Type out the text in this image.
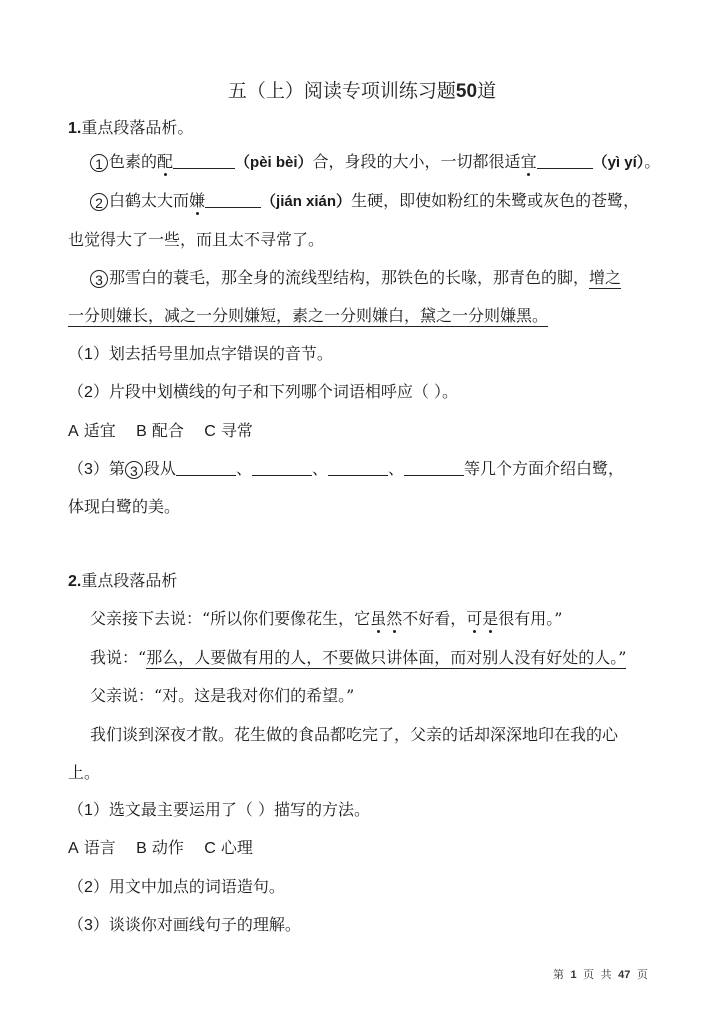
五（上）阅读专项训练习题50道
1.重点段落品析。
1 色素的配	（pèi bèi）合，身段的大小，一切都很适宜	（yì yí）。
2 白鹤太大而嫌	（jián xián）生硬，即使如粉红的朱鹭或灰色的苍鹭，
也觉得大了一些，而且太不寻常了。
3 那雪白的蓑毛，那全身的流线型结构，那铁色的长喙，那青色的脚，增之
一分则嫌长，减之一分则嫌短，素之一分则嫌白，黛之一分则嫌黑。
（1）划去括号里加点字错误的音节。
（2）片段中划横线的句子和下列哪个词语相呼应（ ）。
A 适宜 B 配合 C 寻常
（3）第 3 段从	、	、	、	等几个方面介绍白鹭，
体现白鹭的美。
2.重点段落品析
父亲接下去说：“所以你们要像花生，它虽然不好看，可是很有用。”
我说：“那么，人要做有用的人，不要做只讲体面，而对别人没有好处的人。”
父亲说：“对。这是我对你们的希望。”
我们谈到深夜才散。花生做的食品都吃完了，父亲的话却深深地印在我的心
上。
（1）选文最主要运用了（ ）描写的方法。
A 语言 B 动作 C 心理
（2）用文中加点的词语造句。
（3）谈谈你对画线句子的理解。
第 1 页 共 47 页
